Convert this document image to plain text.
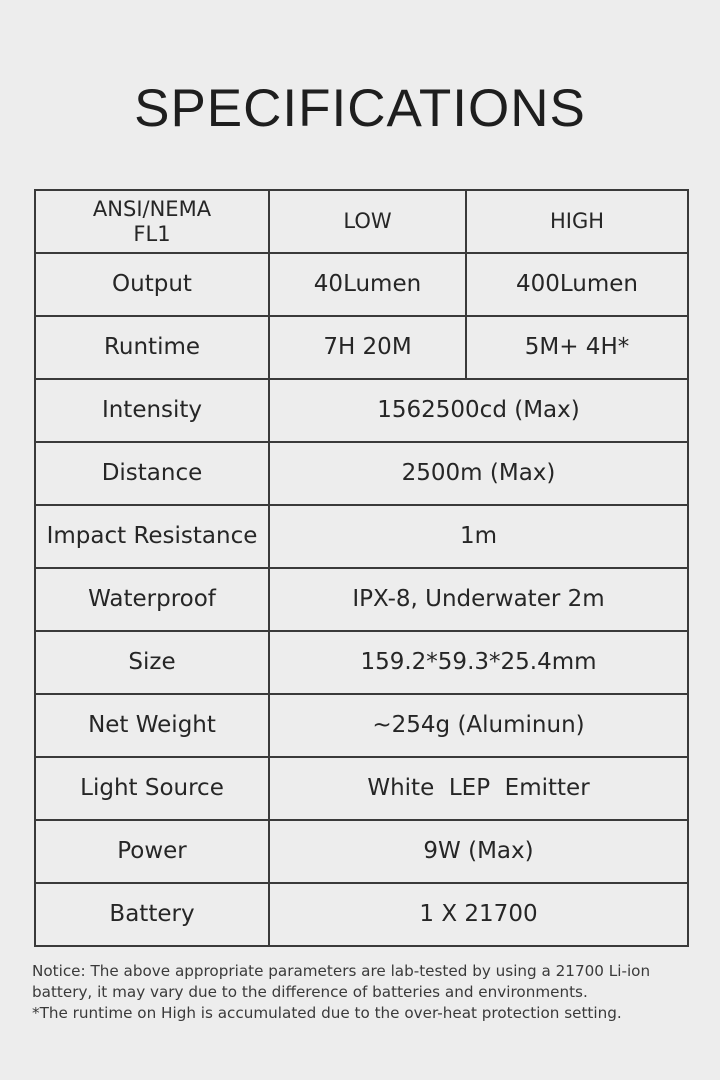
SPECIFICATIONS
ANSI/NEMA
FL1	LOW	HIGH
Output	40Lumen	400Lumen
Runtime	7H 20M	5M+ 4H*
Intensity	1562500cd (Max)	
Distance	2500m (Max)	
Impact Resistance	1m	
Waterproof	IPX-8, Underwater 2m	
Size	159.2*59.3*25.4mm	
Net Weight	~254g (Aluminun)	
Light Source	White  LEP  Emitter	
Power	9W (Max)	
Battery	1 X 21700	

Notice: The above appropriate parameters are lab-tested by using a 21700 Li-ion

battery, it may vary due to the difference of batteries and environments.

*The runtime on High is accumulated due to the over-heat protection setting.
